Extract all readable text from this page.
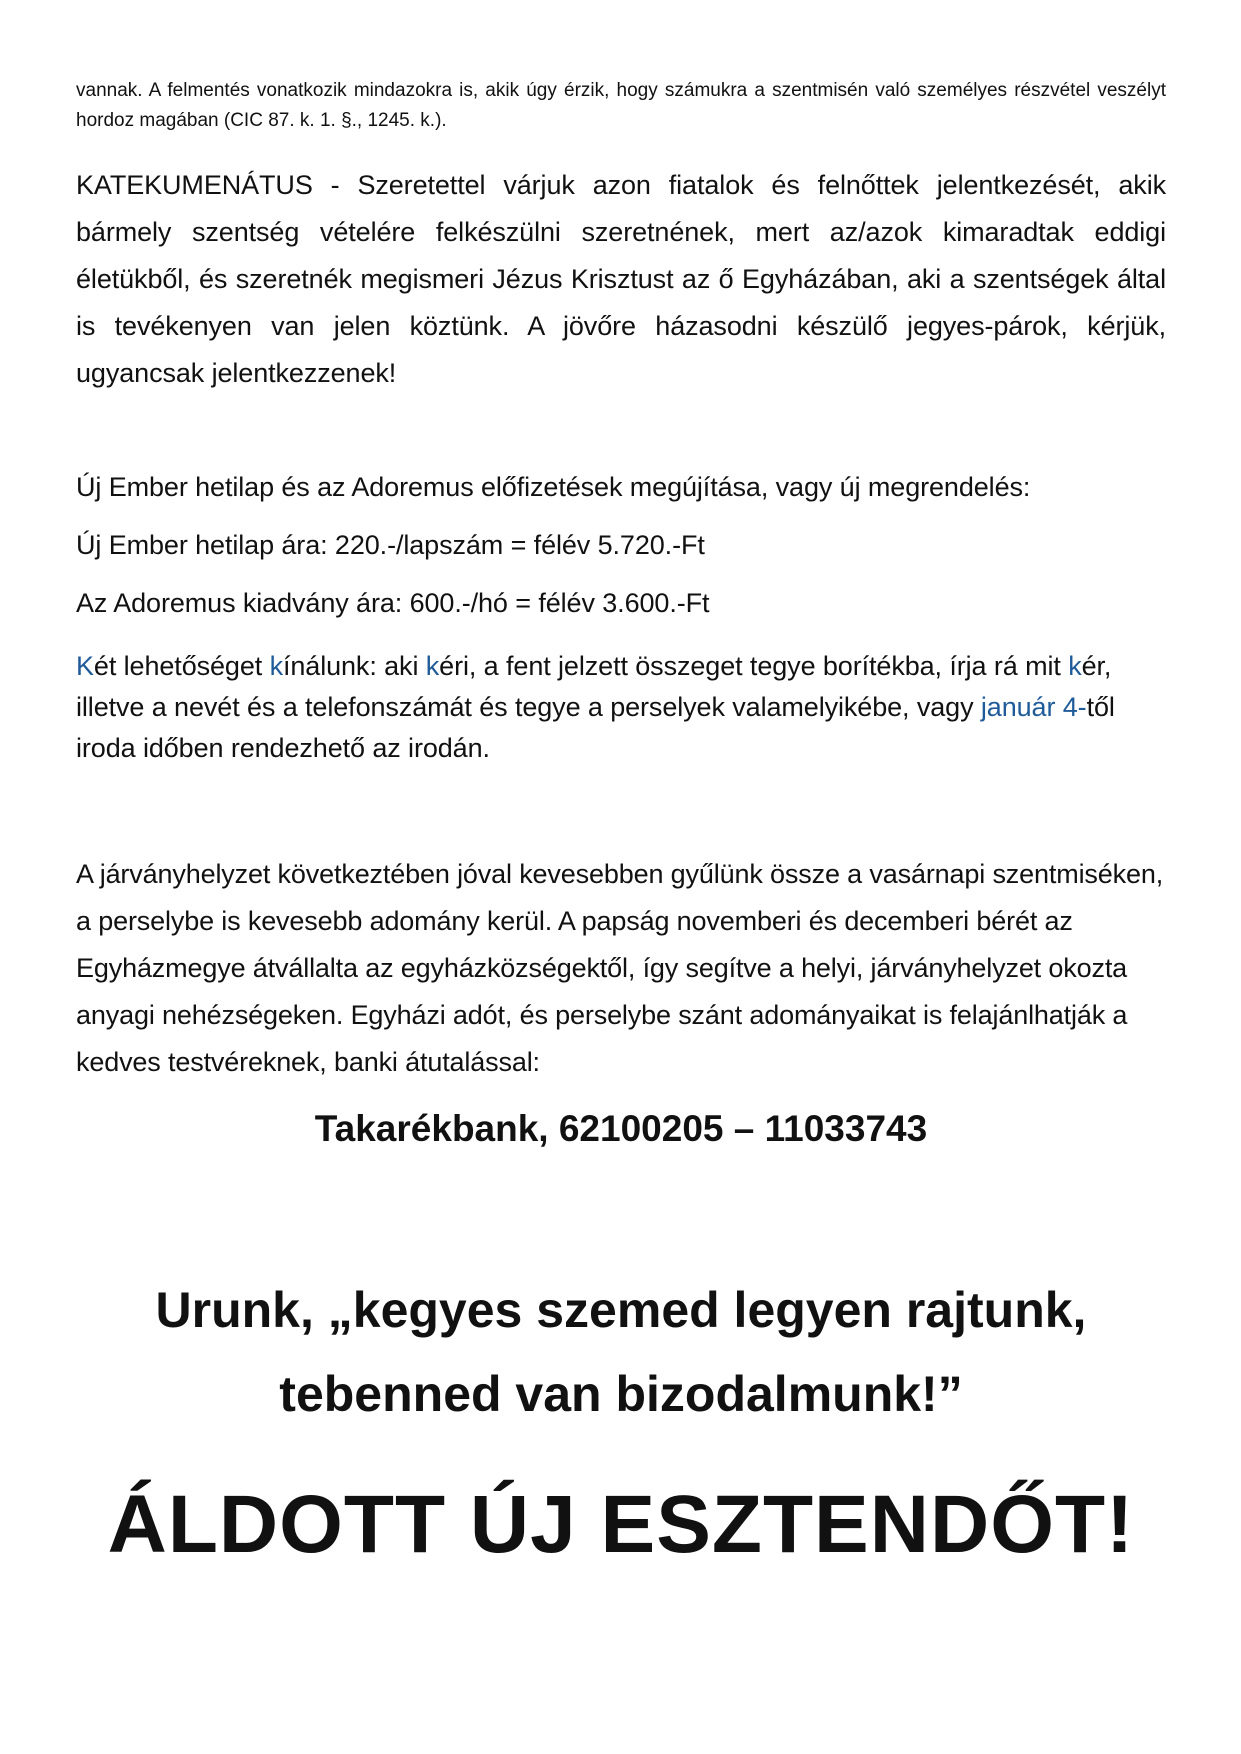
vannak. A felmentés vonatkozik mindazokra is, akik úgy érzik, hogy számukra a szentmisén való személyes részvétel veszélyt hordoz magában (CIC 87. k. 1. §., 1245. k.).

KATEKUMENÁTUS - Szeretettel várjuk azon fiatalok és felnőttek jelentkezését, akik bármely szentség vételére felkészülni szeretnének, mert az/azok kimaradtak eddigi életükből, és szeretnék megismeri Jézus Krisztust az ő Egyházában, aki a szentségek által is tevékenyen van jelen köztünk. A jövőre házasodni készülő jegyes-párok, kérjük, ugyancsak jelentkezzenek!

Új Ember hetilap és az Adoremus előfizetések megújítása, vagy új megrendelés:

Új Ember hetilap ára: 220.-/lapszám = félév 5.720.-Ft

Az Adoremus kiadvány ára: 600.-/hó = félév 3.600.-Ft

Két lehetőséget kínálunk: aki kéri, a fent jelzett összeget tegye borítékba, írja rá mit kér, illetve a nevét és a telefonszámát és tegye a perselyek valamelyikébe, vagy január 4-től iroda időben rendezhető az irodán.

A járványhelyzet következtében jóval kevesebben gyűlünk össze a vasárnapi szentmiséken, a perselybe is kevesebb adomány kerül. A papság novemberi és decemberi bérét az Egyházmegye átvállalta az egyházközségektől, így segítve a helyi, járványhelyzet okozta anyagi nehézségeken. Egyházi adót, és perselybe szánt adományaikat is felajánlhatják a kedves testvéreknek, banki átutalással:

Takarékbank, 62100205 – 11033743

Urunk, „kegyes szemed legyen rajtunk,
tebenned van bizodalmunk!”

ÁLDOTT ÚJ ESZTENDŐT!
